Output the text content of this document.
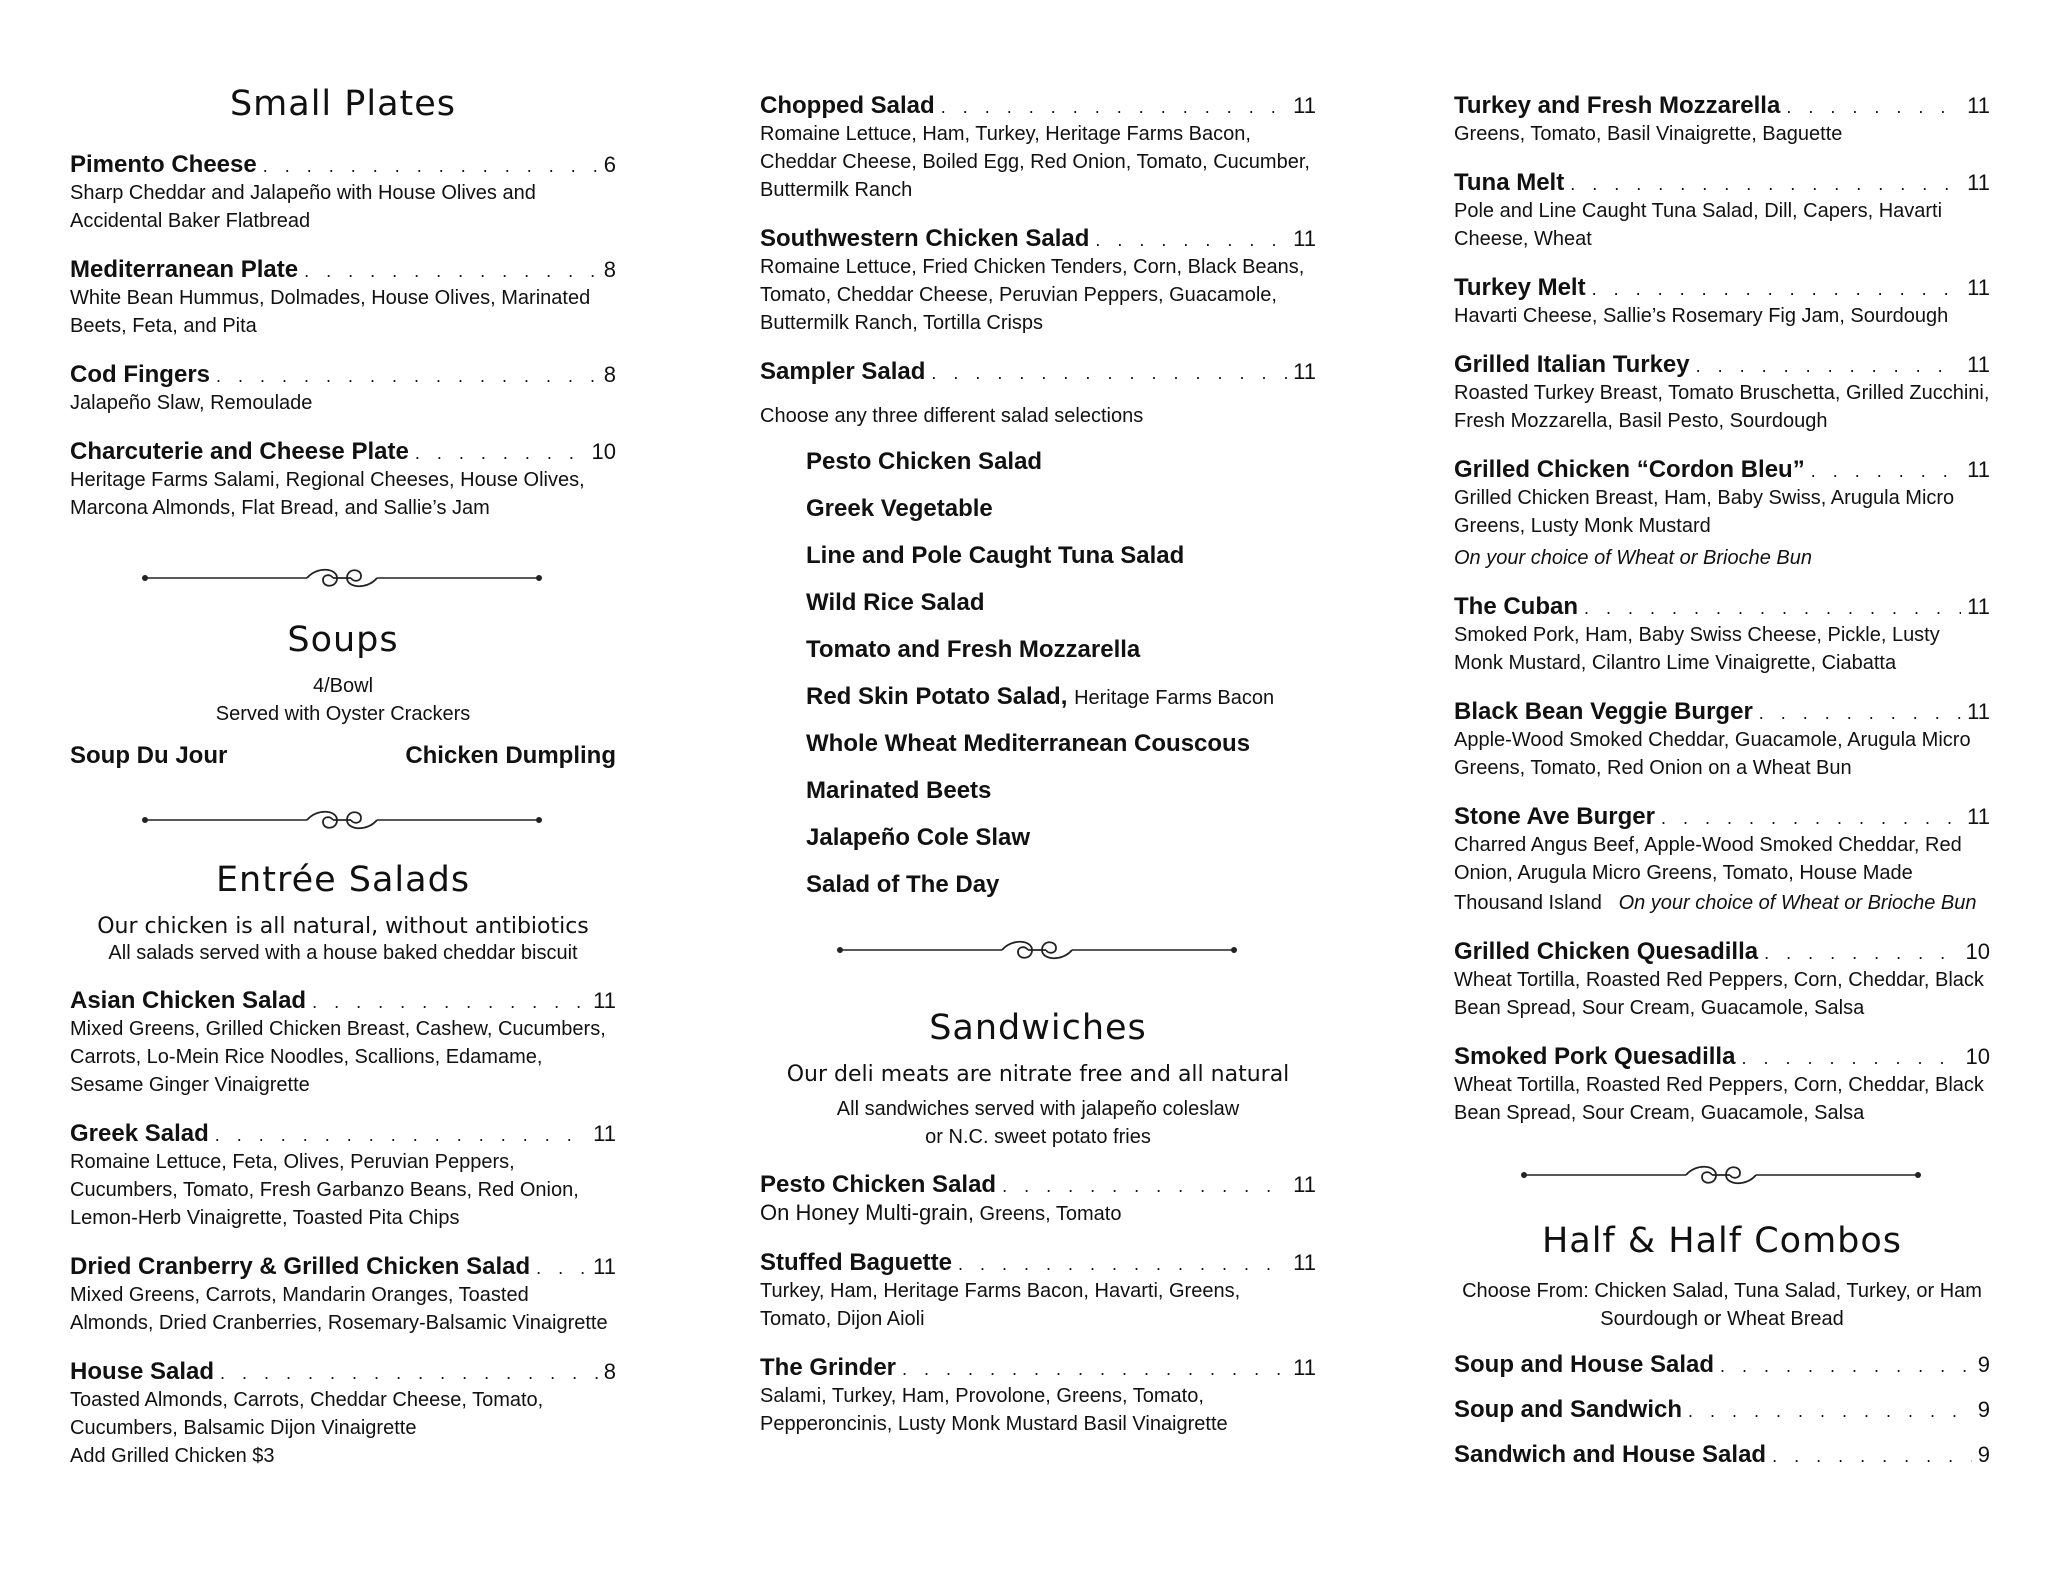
Small Plates
Pimento Cheese . . .	6
Sharp Cheddar and Jalapeño with House Olives and Accidental Baker Flatbread
Mediterranean Plate . . .	8
White Bean Hummus, Dolmades, House Olives, Marinated Beets, Feta, and Pita
Cod Fingers . . .	8
Jalapeño Slaw, Remoulade
Charcuterie and Cheese Plate . . .	10
Heritage Farms Salami, Regional Cheeses, House Olives, Marcona Almonds, Flat Bread, and Sallie’s Jam
Soups
4/Bowl
Served with Oyster Crackers
Soup Du Jour	Chicken Dumpling
Entrée Salads
Our chicken is all natural, without antibiotics
All salads served with a house baked cheddar biscuit
Asian Chicken Salad . . .	11
Mixed Greens, Grilled Chicken Breast, Cashew, Cucumbers, Carrots, Lo-Mein Rice Noodles, Scallions, Edamame, Sesame Ginger Vinaigrette
Greek Salad . . .	11
Romaine Lettuce, Feta, Olives, Peruvian Peppers, Cucumbers, Tomato, Fresh Garbanzo Beans, Red Onion, Lemon-Herb Vinaigrette, Toasted Pita Chips
Dried Cranberry & Grilled Chicken Salad . . .	11
Mixed Greens, Carrots, Mandarin Oranges, Toasted Almonds, Dried Cranberries, Rosemary-Balsamic Vinaigrette
House Salad . . .	8
Toasted Almonds, Carrots, Cheddar Cheese, Tomato, Cucumbers, Balsamic Dijon Vinaigrette
Add Grilled Chicken $3
Chopped Salad . . .	11
Romaine Lettuce, Ham, Turkey, Heritage Farms Bacon, Cheddar Cheese, Boiled Egg, Red Onion, Tomato, Cucumber, Buttermilk Ranch
Southwestern Chicken Salad . . .	11
Romaine Lettuce, Fried Chicken Tenders, Corn, Black Beans, Tomato, Cheddar Cheese, Peruvian Peppers, Guacamole, Buttermilk Ranch, Tortilla Crisps
Sampler Salad . . .	11
Choose any three different salad selections
Pesto Chicken Salad
Greek Vegetable
Line and Pole Caught Tuna Salad
Wild Rice Salad
Tomato and Fresh Mozzarella
Red Skin Potato Salad, Heritage Farms Bacon
Whole Wheat Mediterranean Couscous
Marinated Beets
Jalapeño Cole Slaw
Salad of The Day
Sandwiches
Our deli meats are nitrate free and all natural
All sandwiches served with jalapeño coleslaw
or N.C. sweet potato fries
Pesto Chicken Salad . . .	11
On Honey Multi-grain, Greens, Tomato
Stuffed Baguette . . .	11
Turkey, Ham, Heritage Farms Bacon, Havarti, Greens, Tomato, Dijon Aioli
The Grinder . . .	11
Salami, Turkey, Ham, Provolone, Greens, Tomato, Pepperoncinis, Lusty Monk Mustard Basil Vinaigrette
Turkey and Fresh Mozzarella . . .	11
Greens, Tomato, Basil Vinaigrette, Baguette
Tuna Melt . . .	11
Pole and Line Caught Tuna Salad, Dill, Capers, Havarti Cheese, Wheat
Turkey Melt . . .	11
Havarti Cheese, Sallie’s Rosemary Fig Jam, Sourdough
Grilled Italian Turkey . . .	11
Roasted Turkey Breast, Tomato Bruschetta, Grilled Zucchini, Fresh Mozzarella, Basil Pesto, Sourdough
Grilled Chicken “Cordon Bleu” . . .	11
Grilled Chicken Breast, Ham, Baby Swiss, Arugula Micro Greens, Lusty Monk Mustard
On your choice of Wheat or Brioche Bun
The Cuban . . .	11
Smoked Pork, Ham, Baby Swiss Cheese, Pickle, Lusty Monk Mustard, Cilantro Lime Vinaigrette, Ciabatta
Black Bean Veggie Burger . . .	11
Apple-Wood Smoked Cheddar, Guacamole, Arugula Micro Greens, Tomato, Red Onion on a Wheat Bun
Stone Ave Burger . . .	11
Charred Angus Beef, Apple-Wood Smoked Cheddar, Red Onion, Arugula Micro Greens, Tomato, House Made
Thousand Island On your choice of Wheat or Brioche Bun
Grilled Chicken Quesadilla . . .	10
Wheat Tortilla, Roasted Red Peppers, Corn, Cheddar, Black Bean Spread, Sour Cream, Guacamole, Salsa
Smoked Pork Quesadilla . . .	10
Wheat Tortilla, Roasted Red Peppers, Corn, Cheddar, Black Bean Spread, Sour Cream, Guacamole, Salsa
Half & Half Combos
Choose From: Chicken Salad, Tuna Salad, Turkey, or Ham
Sourdough or Wheat Bread
Soup and House Salad . . .	9
Soup and Sandwich . . .	9
Sandwich and House Salad . . .	9
